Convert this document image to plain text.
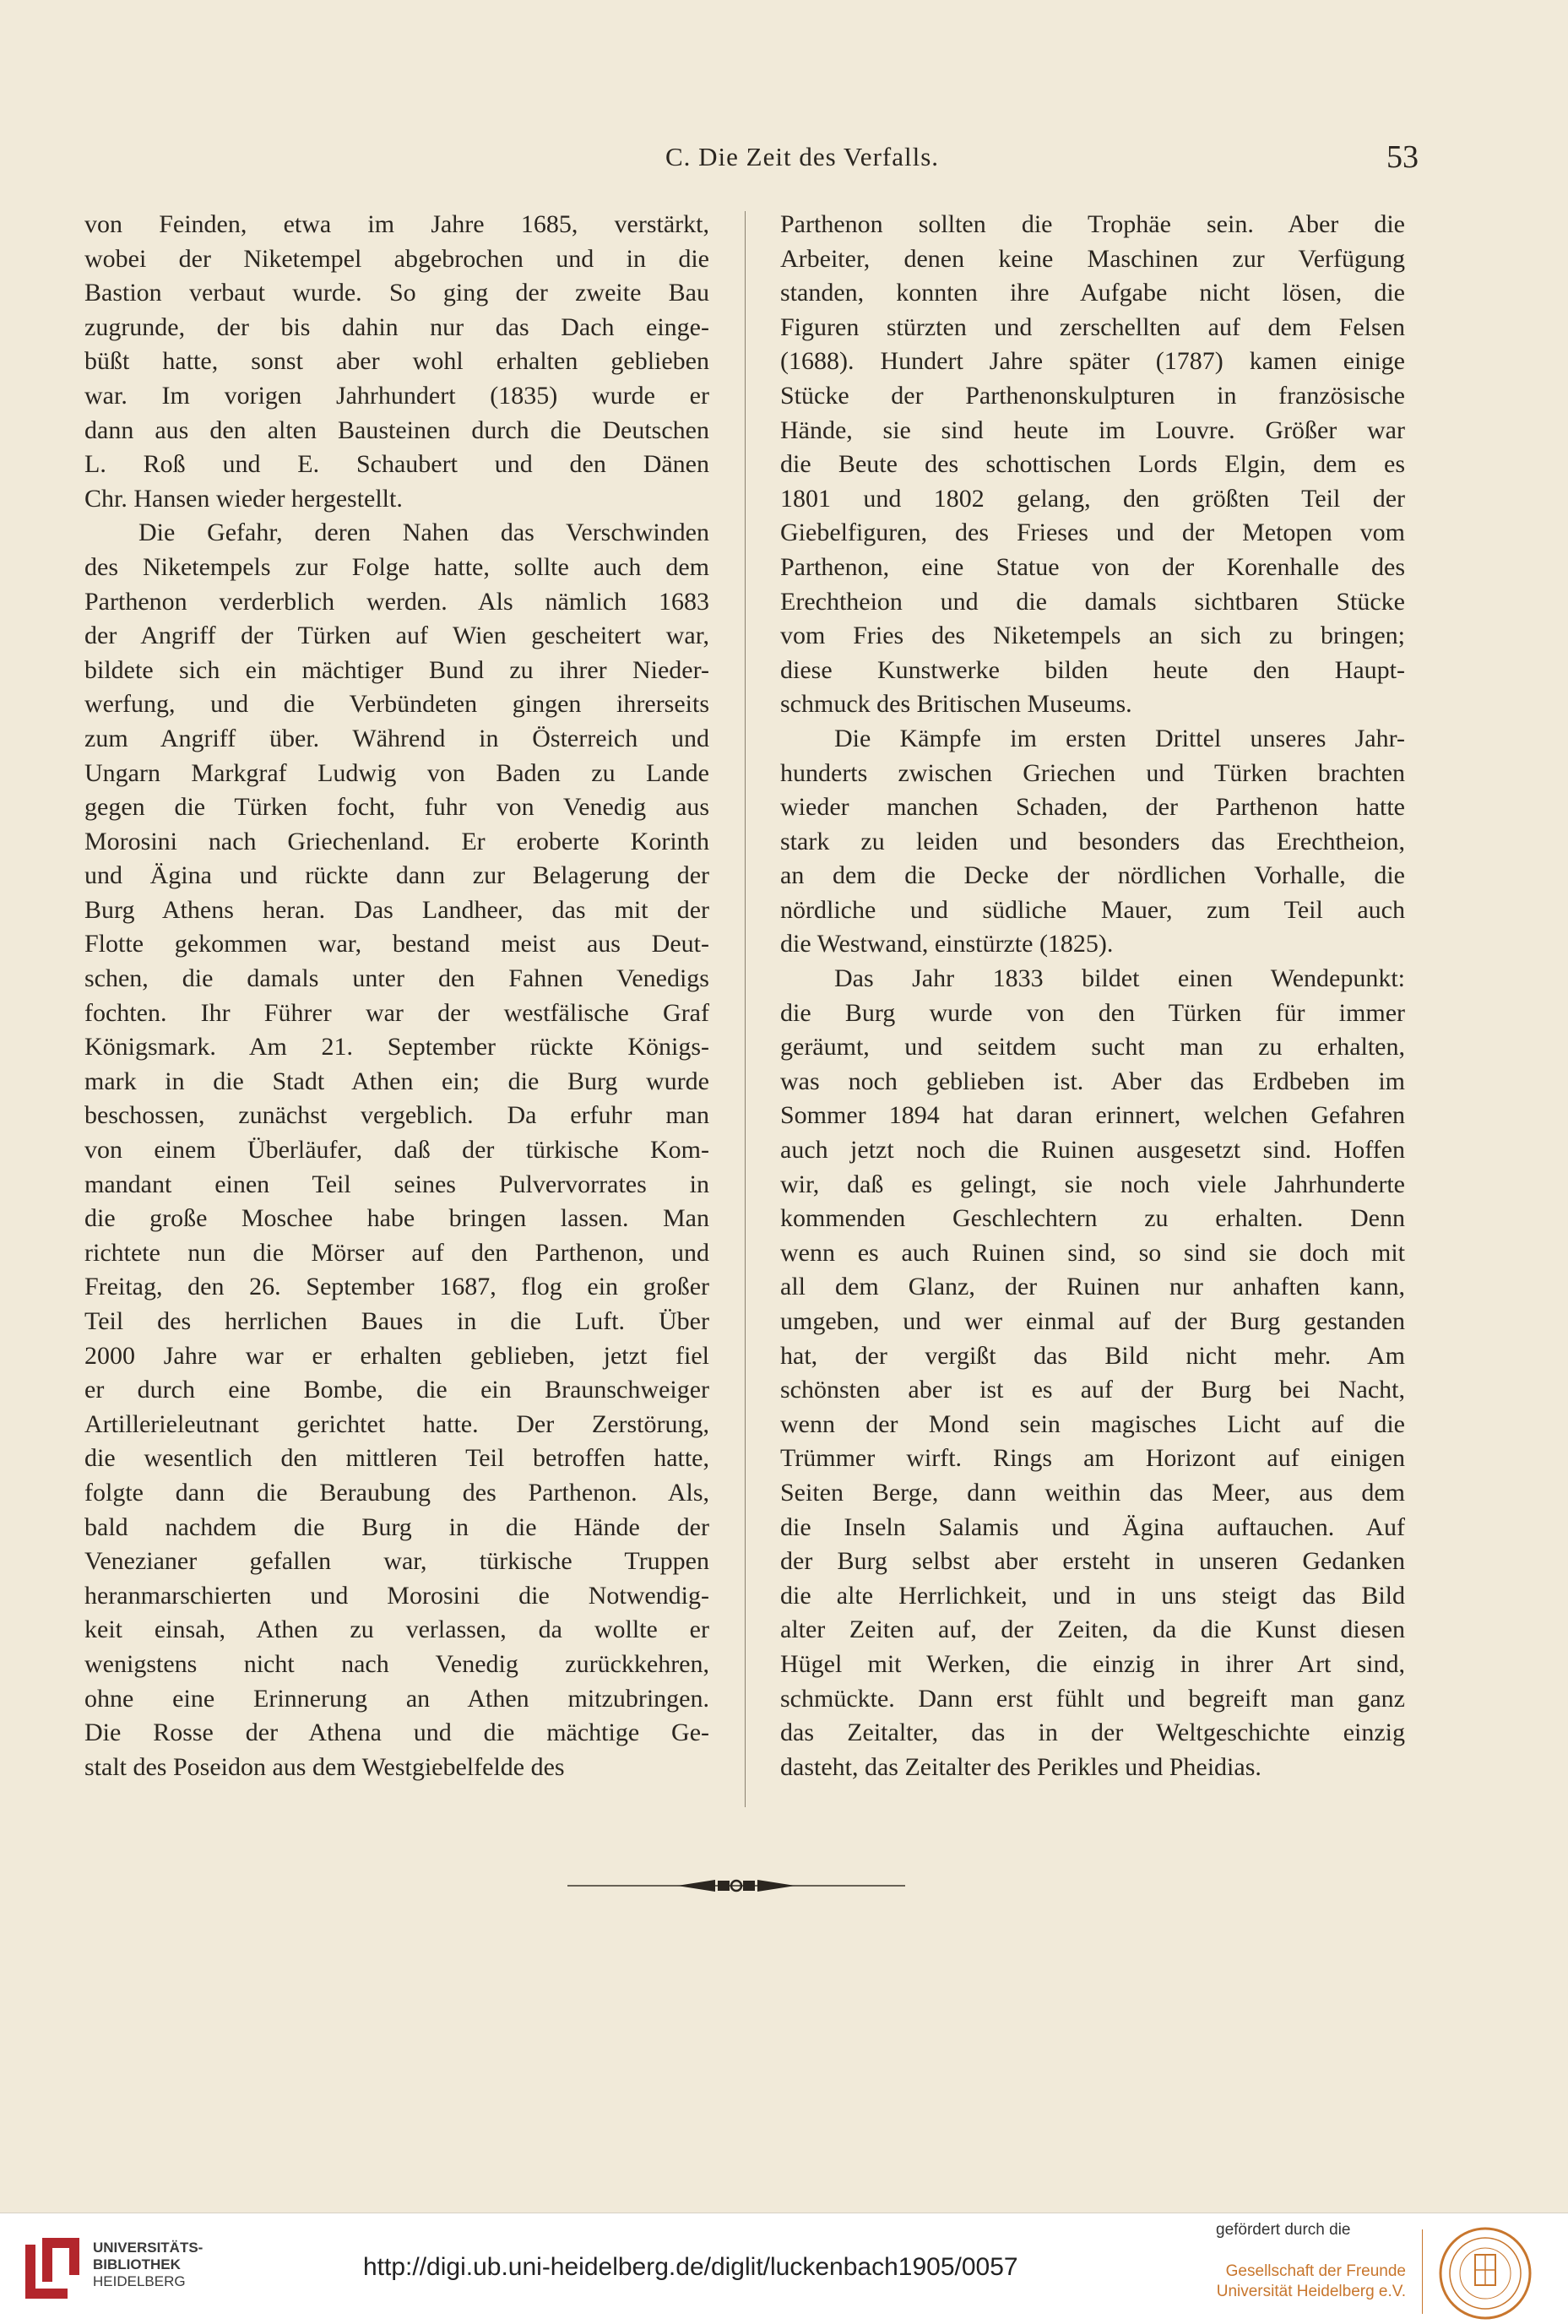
C. Die Zeit des Verfalls.	53

von Feinden, etwa im Jahre 1685, verstärkt,
wobei der Niketempel abgebrochen und in die
Bastion verbaut wurde. So ging der zweite Bau
zugrunde, der bis dahin nur das Dach einge-
büßt hatte, sonst aber wohl erhalten geblieben
war. Im vorigen Jahrhundert (1835) wurde er
dann aus den alten Bausteinen durch die Deutschen
L. Roß und E. Schaubert und den Dänen
Chr. Hansen wieder hergestellt.

Die Gefahr, deren Nahen das Verschwinden
des Niketempels zur Folge hatte, sollte auch dem
Parthenon verderblich werden. Als nämlich 1683
der Angriff der Türken auf Wien gescheitert war,
bildete sich ein mächtiger Bund zu ihrer Nieder-
werfung, und die Verbündeten gingen ihrerseits
zum Angriff über. Während in Österreich und
Ungarn Markgraf Ludwig von Baden zu Lande
gegen die Türken focht, fuhr von Venedig aus
Morosini nach Griechenland. Er eroberte Korinth
und Ägina und rückte dann zur Belagerung der
Burg Athens heran. Das Landheer, das mit der
Flotte gekommen war, bestand meist aus Deut-
schen, die damals unter den Fahnen Venedigs
fochten. Ihr Führer war der westfälische Graf
Königsmark. Am 21. September rückte Königs-
mark in die Stadt Athen ein; die Burg wurde
beschossen, zunächst vergeblich. Da erfuhr man
von einem Überläufer, daß der türkische Kom-
mandant einen Teil seines Pulvervorrates in
die große Moschee habe bringen lassen. Man
richtete nun die Mörser auf den Parthenon, und
Freitag, den 26. September 1687, flog ein großer
Teil des herrlichen Baues in die Luft. Über
2000 Jahre war er erhalten geblieben, jetzt fiel
er durch eine Bombe, die ein Braunschweiger
Artillerieleutnant gerichtet hatte. Der Zerstörung,
die wesentlich den mittleren Teil betroffen hatte,
folgte dann die Beraubung des Parthenon. Als,
bald nachdem die Burg in die Hände der
Venezianer gefallen war, türkische Truppen
heranmarschierten und Morosini die Notwendig-
keit einsah, Athen zu verlassen, da wollte er
wenigstens nicht nach Venedig zurückkehren,
ohne eine Erinnerung an Athen mitzubringen.
Die Rosse der Athena und die mächtige Ge-
stalt des Poseidon aus dem Westgiebelfelde des

Parthenon sollten die Trophäe sein. Aber die
Arbeiter, denen keine Maschinen zur Verfügung
standen, konnten ihre Aufgabe nicht lösen, die
Figuren stürzten und zerschellten auf dem Felsen
(1688). Hundert Jahre später (1787) kamen einige
Stücke der Parthenonskulpturen in französische
Hände, sie sind heute im Louvre. Größer war
die Beute des schottischen Lords Elgin, dem es
1801 und 1802 gelang, den größten Teil der
Giebelfiguren, des Frieses und der Metopen vom
Parthenon, eine Statue von der Korenhalle des
Erechtheion und die damals sichtbaren Stücke
vom Fries des Niketempels an sich zu bringen;
diese Kunstwerke bilden heute den Haupt-
schmuck des Britischen Museums.

Die Kämpfe im ersten Drittel unseres Jahr-
hunderts zwischen Griechen und Türken brachten
wieder manchen Schaden, der Parthenon hatte
stark zu leiden und besonders das Erechtheion,
an dem die Decke der nördlichen Vorhalle, die
nördliche und südliche Mauer, zum Teil auch
die Westwand, einstürzte (1825).

Das Jahr 1833 bildet einen Wendepunkt:
die Burg wurde von den Türken für immer
geräumt, und seitdem sucht man zu erhalten,
was noch geblieben ist. Aber das Erdbeben im
Sommer 1894 hat daran erinnert, welchen Gefahren
auch jetzt noch die Ruinen ausgesetzt sind. Hoffen
wir, daß es gelingt, sie noch viele Jahrhunderte
kommenden Geschlechtern zu erhalten. Denn
wenn es auch Ruinen sind, so sind sie doch mit
all dem Glanz, der Ruinen nur anhaften kann,
umgeben, und wer einmal auf der Burg gestanden
hat, der vergißt das Bild nicht mehr. Am
schönsten aber ist es auf der Burg bei Nacht,
wenn der Mond sein magisches Licht auf die
Trümmer wirft. Rings am Horizont auf einigen
Seiten Berge, dann weithin das Meer, aus dem
die Inseln Salamis und Ägina auftauchen. Auf
der Burg selbst aber ersteht in unseren Gedanken
die alte Herrlichkeit, und in uns steigt das Bild
alter Zeiten auf, der Zeiten, da die Kunst diesen
Hügel mit Werken, die einzig in ihrer Art sind,
schmückte. Dann erst fühlt und begreift man ganz
das Zeitalter, das in der Weltgeschichte einzig
dasteht, das Zeitalter des Perikles und Pheidias.

UNIVERSITÄTS-
BIBLIOTHEK
HEIDELBERG
http://digi.ub.uni-heidelberg.de/diglit/luckenbach1905/0057
gefördert durch die
Gesellschaft der Freunde
Universität Heidelberg e.V.
